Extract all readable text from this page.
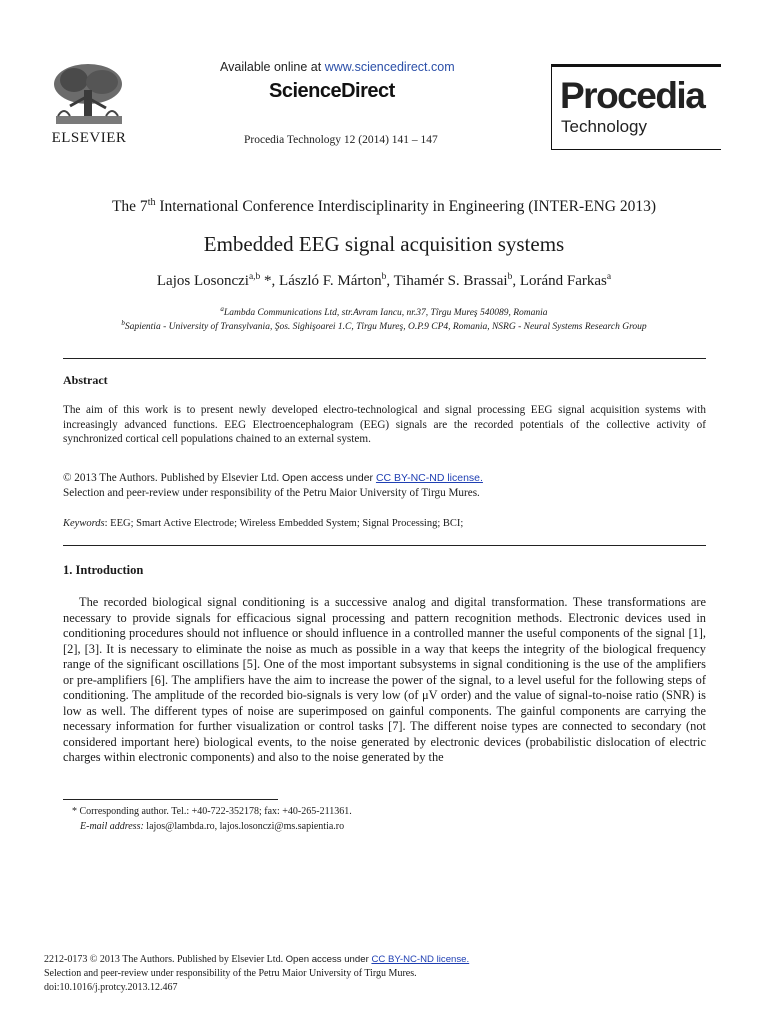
ELSEVIER
Available online at www.sciencedirect.com
ScienceDirect
Procedia Technology 12 (2014) 141 – 147
Procedia
Technology
The 7th International Conference Interdisciplinarity in Engineering (INTER-ENG 2013)
Embedded EEG signal acquisition systems
Lajos Losonczi$^{a,b}$ *, László F. Márton$^b$, Tihamér S. Brassai$^b$, Loránd Farkas$^a$
$^a$Lambda Communications Ltd, str.Avram Iancu, nr.37, Tîrgu Mureş 540089, Romania
$^b$Sapientia - University of Transylvania, Şos. Sighişoarei 1.C, Tîrgu Mureş, O.P.9 CP4, Romania, NSRG - Neural Systems Research Group
Abstract
The aim of this work is to present newly developed electro-technological and signal processing EEG signal acquisition systems with increasingly advanced functions. EEG Electroencephalogram (EEG) signals are the recorded potentials of the collective activity of synchronized cortical cell populations chained to an external system.
© 2013 The Authors. Published by Elsevier Ltd. Open access under CC BY-NC-ND license.
Selection and peer-review under responsibility of the Petru Maior University of Tirgu Mures.
Keywords: EEG; Smart Active Electrode; Wireless Embedded System; Signal Processing; BCI;
1. Introduction
The recorded biological signal conditioning is a successive analog and digital transformation. These transformations are necessary to provide signals for efficacious signal processing and pattern recognition methods. Electronic devices used in conditioning procedures should not influence or should influence in a controlled manner the useful components of the signal [1], [2], [3]. It is necessary to eliminate the noise as much as possible in a way that keeps the integrity of the biological frequency range of the significant oscillations [5]. One of the most important subsystems in signal conditioning is the use of the amplifiers or pre-amplifiers [6]. The amplifiers have the aim to increase the power of the signal, to a level useful for the following steps of conditioning. The amplitude of the recorded bio-signals is very low (of μV order) and the value of signal-to-noise ratio (SNR) is low as well. The different types of noise are superimposed on gainful components. The gainful components are carrying the necessary information for further visualization or control tasks [7]. The different noise types are connected to secondary (not considered important here) biological events, to the noise generated by electronic devices (probabilistic dislocation of electric charges within electronic components) and also to the noise generated by the
* Corresponding author. Tel.: +40-722-352178; fax: +40-265-211361.
E-mail address: lajos@lambda.ro, lajos.losonczi@ms.sapientia.ro
2212-0173 © 2013 The Authors. Published by Elsevier Ltd. Open access under CC BY-NC-ND license.
Selection and peer-review under responsibility of the Petru Maior University of Tirgu Mures.
doi:10.1016/j.protcy.2013.12.467
